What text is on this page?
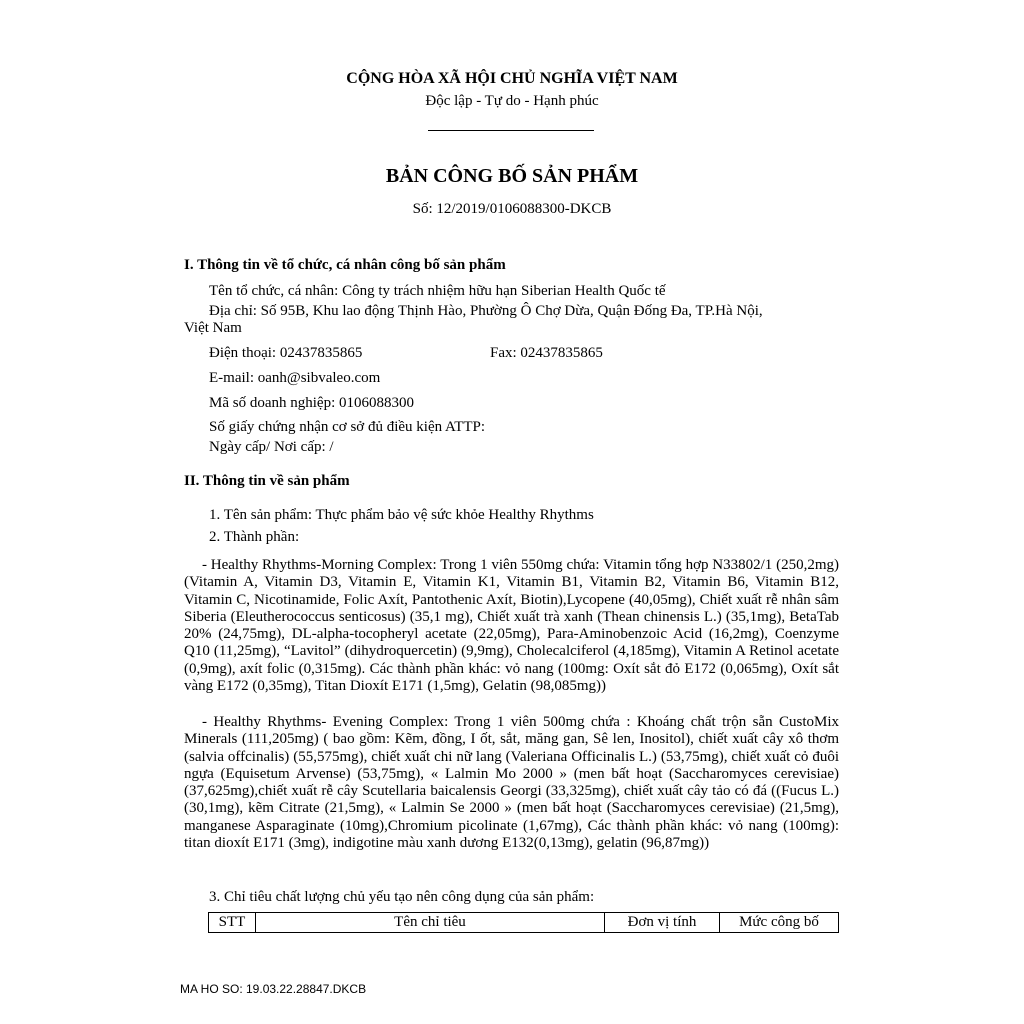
CỘNG HÒA XÃ HỘI CHỦ NGHĨA VIỆT NAM
Độc lập - Tự do - Hạnh phúc
BẢN CÔNG BỐ SẢN PHẨM
Số: 12/2019/0106088300-DKCB
I. Thông tin về tổ chức, cá nhân công bố sản phẩm
Tên tổ chức, cá nhân: Công ty trách nhiệm hữu hạn Siberian Health Quốc tế
Địa chỉ: Số 95B, Khu lao động Thịnh Hào, Phường Ô Chợ Dừa, Quận Đống Đa, TP.Hà Nội,
Việt Nam
Điện thoại: 02437835865	Fax: 02437835865
E-mail: oanh@sibvaleo.com
Mã số doanh nghiệp: 0106088300
Số giấy chứng nhận cơ sở đủ điều kiện ATTP:
Ngày cấp/ Nơi cấp: /
II. Thông tin về sản phẩm
1. Tên sản phẩm: Thực phẩm bảo vệ sức khỏe Healthy Rhythms
2. Thành phần:
- Healthy Rhythms-Morning Complex: Trong 1 viên 550mg chứa: Vitamin tổng hợp N33802/1 (250,2mg) (Vitamin A, Vitamin D3, Vitamin E, Vitamin K1, Vitamin B1, Vitamin B2, Vitamin B6, Vitamin B12, Vitamin C, Nicotinamide, Folic Axít, Pantothenic Axít, Biotin),Lycopene (40,05mg), Chiết xuất rễ nhân sâm Siberia (Eleutherococcus senticosus) (35,1 mg), Chiết xuất trà xanh (Thean chinensis L.) (35,1mg), BetaTab 20% (24,75mg), DL-alpha-tocopheryl acetate (22,05mg), Para-Aminobenzoic Acid (16,2mg), Coenzyme Q10 (11,25mg), “Lavitol” (dihydroquercetin) (9,9mg), Cholecalciferol (4,185mg), Vitamin A Retinol acetate (0,9mg), axít folic (0,315mg). Các thành phần khác: vỏ nang (100mg: Oxít sắt đỏ E172 (0,065mg), Oxít sắt vàng E172 (0,35mg), Titan Dioxít E171 (1,5mg), Gelatin (98,085mg))
- Healthy Rhythms- Evening Complex: Trong 1 viên 500mg chứa : Khoáng chất trộn sẵn CustoMix Minerals (111,205mg) ( bao gồm: Kẽm, đồng, I ốt, sắt, măng gan, Sê len, Inositol), chiết xuất cây xô thơm (salvia offcinalis) (55,575mg), chiết xuất chi nữ lang (Valeriana Officinalis L.) (53,75mg), chiết xuất cỏ đuôi ngựa (Equisetum Arvense) (53,75mg), « Lalmin Mo 2000 » (men bất hoạt (Saccharomyces cerevisiae) (37,625mg),chiết xuất rễ cây Scutellaria baicalensis Georgi (33,325mg), chiết xuất cây tảo có đá ((Fucus L.) (30,1mg), kẽm Citrate (21,5mg), « Lalmin Se 2000 » (men bất hoạt (Saccharomyces cerevisiae) (21,5mg), manganese Asparaginate (10mg),Chromium picolinate (1,67mg), Các thành phần khác: vỏ nang (100mg): titan dioxít E171 (3mg), indigotine màu xanh dương E132(0,13mg), gelatin (96,87mg))
3. Chỉ tiêu chất lượng chủ yếu tạo nên công dụng của sản phẩm:
STT	Tên chỉ tiêu	Đơn vị tính	Mức công bố
MA HO SO: 19.03.22.28847.DKCB
